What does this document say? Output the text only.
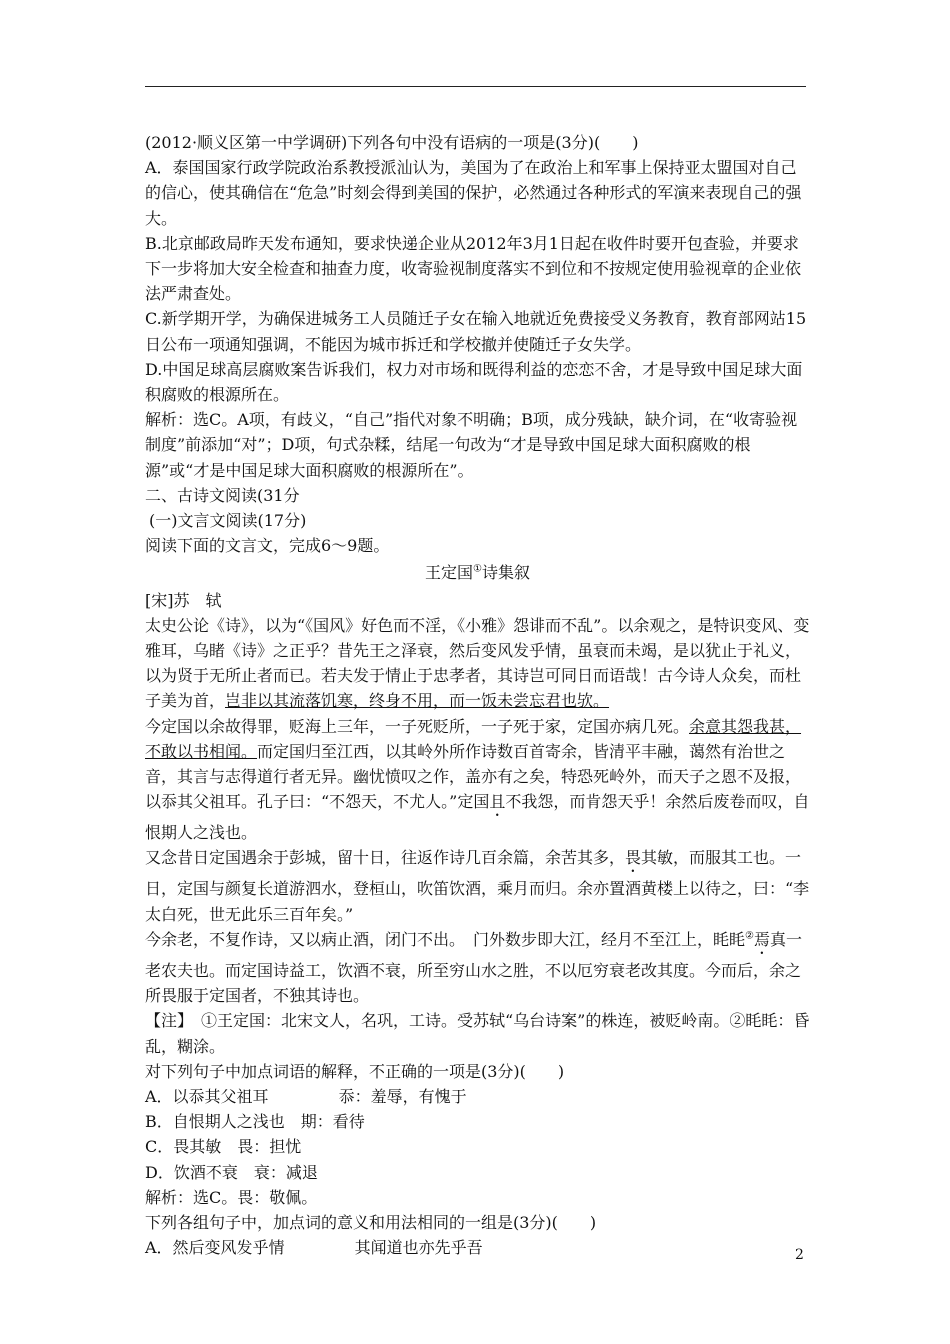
(2012·顺义区第一中学调研)下列各句中没有语病的一项是(3分)(　　)

A．泰国国家行政学院政治系教授派汕认为，美国为了在政治上和军事上保持亚太盟国对自己的信心，使其确信在“危急”时刻会得到美国的保护，必然通过各种形式的军演来表现自己的强大。

B.北京邮政局昨天发布通知，要求快递企业从2012年3月1日起在收件时要开包查验，并要求下一步将加大安全检查和抽查力度，收寄验视制度落实不到位和不按规定使用验视章的企业依法严肃查处。

C.新学期开学，为确保进城务工人员随迁子女在输入地就近免费接受义务教育，教育部网站15日公布一项通知强调，不能因为城市拆迁和学校撤并使随迁子女失学。

D.中国足球高层腐败案告诉我们，权力对市场和既得利益的恋恋不舍，才是导致中国足球大面积腐败的根源所在。

解析：选C。A项，有歧义，“自己”指代对象不明确；B项，成分残缺，缺介词，在“收寄验视制度”前添加“对”；D项，句式杂糅，结尾一句改为“才是导致中国足球大面积腐败的根源”或“才是中国足球大面积腐败的根源所在”。

二、古诗文阅读(31分

(一)文言文阅读(17分)

阅读下面的文言文，完成6～9题。

王定国①诗集叙

[宋]苏　轼

太史公论《诗》，以为“《国风》好色而不淫，《小雅》怨诽而不乱”。以余观之，是特识变风、变雅耳，乌睹《诗》之正乎？昔先王之泽衰，然后变风发乎情，虽衰而未竭，是以犹止于礼义，以为贤于无所止者而已。若夫发于情止于忠孝者，其诗岂可同日而语哉！古今诗人众矣，而杜子美为首，岂非以其流落饥寒，终身不用，而一饭未尝忘君也欤。

今定国以余故得罪，贬海上三年，一子死贬所，一子死于家，定国亦病几死。余意其怨我甚，不敢以书相闻。而定国归至江西，以其岭外所作诗数百首寄余，皆清平丰融，蔼然有治世之音，其言与志得道行者无异。幽忧愤叹之作，盖亦有之矣，特恐死岭外，而天子之恩不及报，以忝其父祖耳。孔子曰：“不怨天，不尤人。”定国且不我怨，而肯怨天乎！余然后废卷而叹，自恨期人之浅也。

又念昔日定国遇余于彭城，留十日，往返作诗几百余篇，余苦其多，畏其敏，而服其工也。一日，定国与颜复长道游泗水，登桓山，吹笛饮酒，乘月而归。余亦置酒黄楼上以待之，曰：“李太白死，世无此乐三百年矣。”

今余老，不复作诗，又以病止酒，闭门不出。　门外数步即大江，经月不至江上，眊眊②焉真一老农夫也。而定国诗益工，饮酒不衰，所至穷山水之胜，不以厄穷衰老改其度。今而后，余之所畏服于定国者，不独其诗也。

【注】　①王定国：北宋文人，名巩，工诗。受苏轼“乌台诗案”的株连，被贬岭南。②眊眊：昏乱，糊涂。

对下列句子中加点词语的解释，不正确的一项是(3分)(　　)

A．以忝其父祖耳	忝：羞辱，有愧于

B．自恨期人之浅也　期：看待

C．畏其敏　畏：担忧

D．饮酒不衰　衰：减退

解析：选C。畏：敬佩。

下列各组句子中，加点词的意义和用法相同的一组是(3分)(　　)

A．然后变风发乎情	其闻道也亦先乎吾	2
